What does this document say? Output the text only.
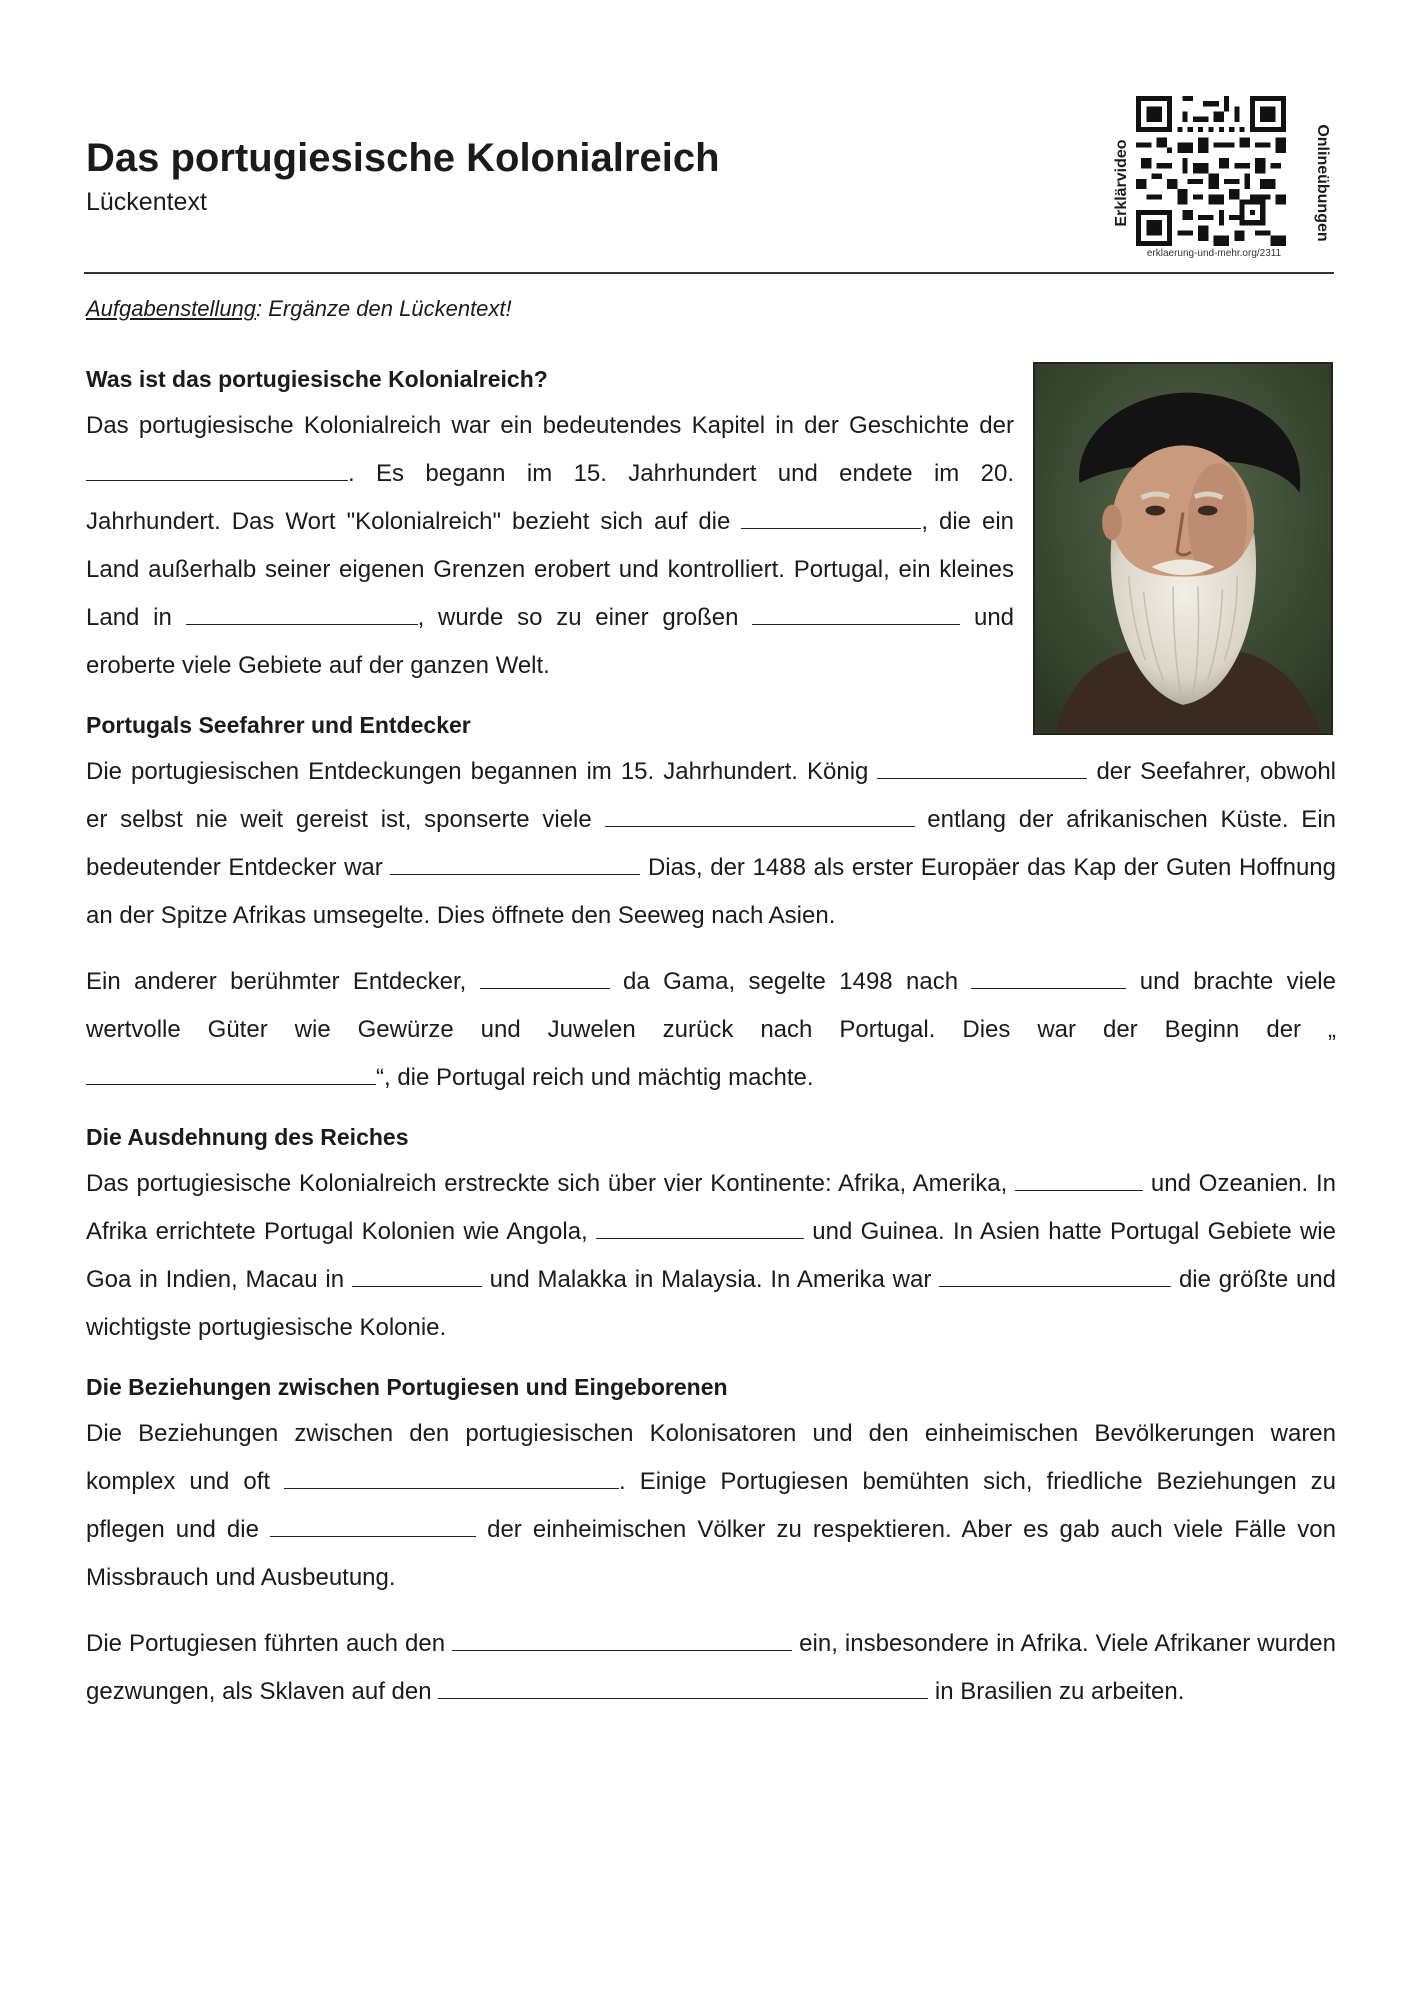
Das portugiesische Kolonialreich
Lückentext	Erklärvideo
erklaerung-und-mehr.org/2311
Onlineübungen
Aufgabenstellung: Ergänze den Lückentext!
Was ist das portugiesische Kolonialreich?

Das portugiesische Kolonialreich war ein bedeutendes Kapitel in der Geschichte der . Es begann im 15. Jahrhundert und endete im 20. Jahrhundert. Das Wort "Kolonialreich" bezieht sich auf die	, die ein Land außerhalb seiner eigenen Grenzen erobert und kontrolliert. Portugal, ein kleines Land in	, wurde so zu einer großen	und eroberte viele Gebiete auf der ganzen Welt.

Portugals Seefahrer und Entdecker

Die portugiesischen Entdeckungen begannen im 15. Jahrhundert. König	der Seefahrer, obwohl er selbst nie weit gereist ist, sponserte viele	entlang der afrikanischen Küste. Ein bedeutender Entdecker war	Dias, der 1488 als erster Europäer das Kap der Guten Hoffnung an der Spitze Afrikas umsegelte. Dies öffnete den Seeweg nach Asien.

Ein anderer berühmter Entdecker,	da Gama, segelte 1498 nach	und brachte viele wertvolle Güter wie Gewürze und Juwelen zurück nach Portugal. Dies war der Beginn der „“, die Portugal reich und mächtig machte.

Die Ausdehnung des Reiches

Das portugiesische Kolonialreich erstreckte sich über vier Kontinente: Afrika, Amerika,	und Ozeanien. In Afrika errichtete Portugal Kolonien wie Angola,	und Guinea. In Asien hatte Portugal Gebiete wie Goa in Indien, Macau in	und Malakka in Malaysia. In Amerika war	die größte und wichtigste portugiesische Kolonie.

Die Beziehungen zwischen Portugiesen und Eingeborenen

Die Beziehungen zwischen den portugiesischen Kolonisatoren und den einheimischen Bevölkerungen waren komplex und oft	. Einige Portugiesen bemühten sich, friedliche Beziehungen zu pflegen und die	der einheimischen Völker zu respektieren. Aber es gab auch viele Fälle von Missbrauch und Ausbeutung.

Die Portugiesen führten auch den	ein, insbesondere in Afrika. Viele Afrikaner wurden gezwungen, als Sklaven auf den	in Brasilien zu arbeiten.
